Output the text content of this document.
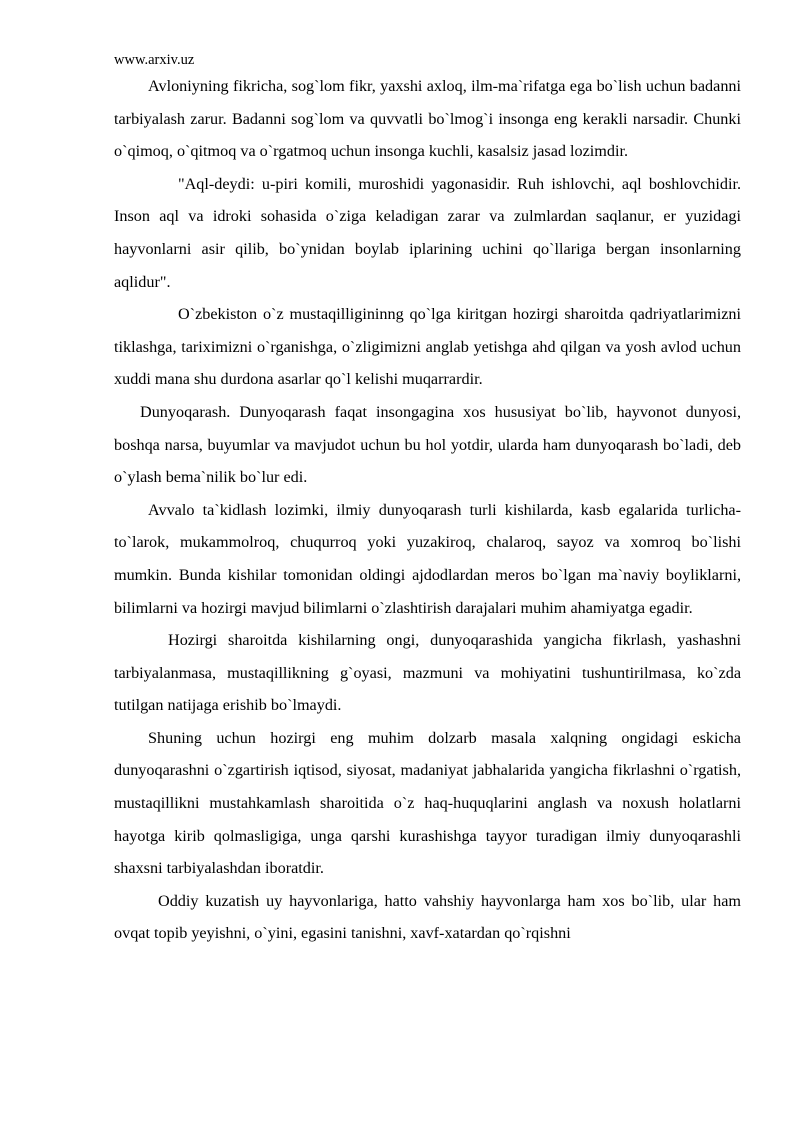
www.arxiv.uz

Avloniyning fikricha, sog`lom fikr, yaxshi axloq, ilm-ma`rifatga ega bo`lish uchun badanni tarbiyalash zarur. Badanni sog`lom va quvvatli bo`lmog`i insonga eng kerakli narsadir. Chunki o`qimoq, o`qitmoq va o`rgatmoq uchun insonga kuchli, kasalsiz jasad lozimdir.

"Aql-deydi: u-piri komili, muroshidi yagonasidir. Ruh ishlovchi, aql boshlovchidir. Inson aql va idroki sohasida o`ziga keladigan zarar va zulmlardan saqlanur, er yuzidagi hayvonlarni asir qilib, bo`ynidan boylab iplarining uchini qo`llariga bergan insonlarning aqlidur".

O`zbekiston o`z mustaqilligininng qo`lga kiritgan hozirgi sharoitda qadriyatlarimizni tiklashga, tariximizni o`rganishga, o`zligimizni anglab yetishga ahd qilgan va yosh avlod uchun xuddi mana shu durdona asarlar qo`l kelishi muqarrardir.

Dunyoqarash. Dunyoqarash faqat insongagina xos hususiyat bo`lib, hayvonot dunyosi, boshqa narsa, buyumlar va mavjudot uchun bu hol yotdir, ularda ham dunyoqarash bo`ladi, deb o`ylash bema`nilik bo`lur edi.

Avvalo ta`kidlash lozimki, ilmiy dunyoqarash turli kishilarda, kasb egalarida turlicha-to`larok, mukammolroq, chuqurroq yoki yuzakiroq, chalaroq, sayoz va xomroq bo`lishi mumkin. Bunda kishilar tomonidan oldingi ajdodlardan meros bo`lgan ma`naviy boyliklarni, bilimlarni va hozirgi mavjud bilimlarni o`zlashtirish darajalari muhim ahamiyatga egadir.

Hozirgi sharoitda kishilarning ongi, dunyoqarashida yangicha fikrlash, yashashni tarbiyalanmasa, mustaqillikning g`oyasi, mazmuni va mohiyatini tushuntirilmasa, ko`zda tutilgan natijaga erishib bo`lmaydi.

Shuning uchun hozirgi eng muhim dolzarb masala xalqning ongidagi eskicha dunyoqarashni o`zgartirish iqtisod, siyosat, madaniyat jabhalarida yangicha fikrlashni o`rgatish, mustaqillikni mustahkamlash sharoitida o`z haq-huquqlarini anglash va noxush holatlarni hayotga kirib qolmasligiga, unga qarshi kurashishga tayyor turadigan ilmiy dunyoqarashli shaxsni tarbiyalashdan iboratdir.

Oddiy kuzatish uy hayvonlariga, hatto vahshiy hayvonlarga ham xos bo`lib, ular ham ovqat topib yeyishni, o`yini, egasini tanishni, xavf-xatardan qo`rqishni
